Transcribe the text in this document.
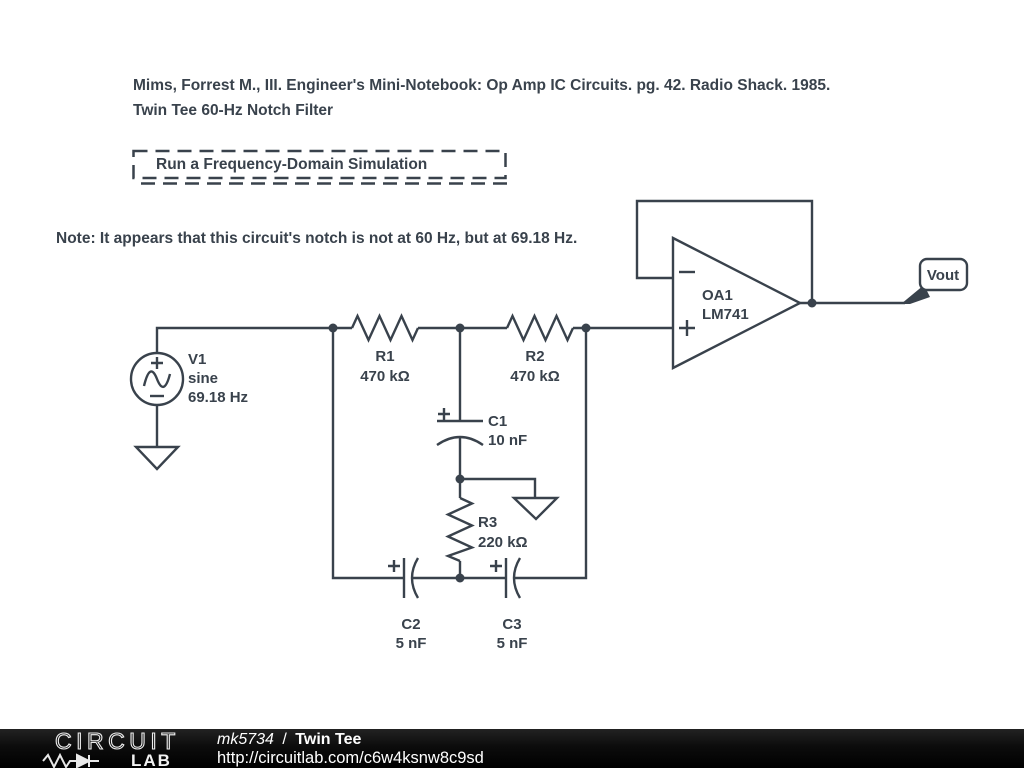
Mims, Forrest M., III. Engineer's Mini-Notebook: Op Amp IC Circuits. pg. 42. Radio Shack. 1985.
Twin Tee 60-Hz Notch Filter
Run a Frequency-Domain Simulation
Note: It appears that this circuit's notch is not at 60 Hz, but at 69.18 Hz.
V1
sine
69.18 Hz
R1
470 kΩ
R2
470 kΩ
C1
10 nF
R3
220 kΩ
C2
5 nF
C3
5 nF
OA1
LM741
Vout
CIRCUIT
LAB
mk5734 / Twin Tee
http://circuitlab.com/c6w4ksnw8c9sd
